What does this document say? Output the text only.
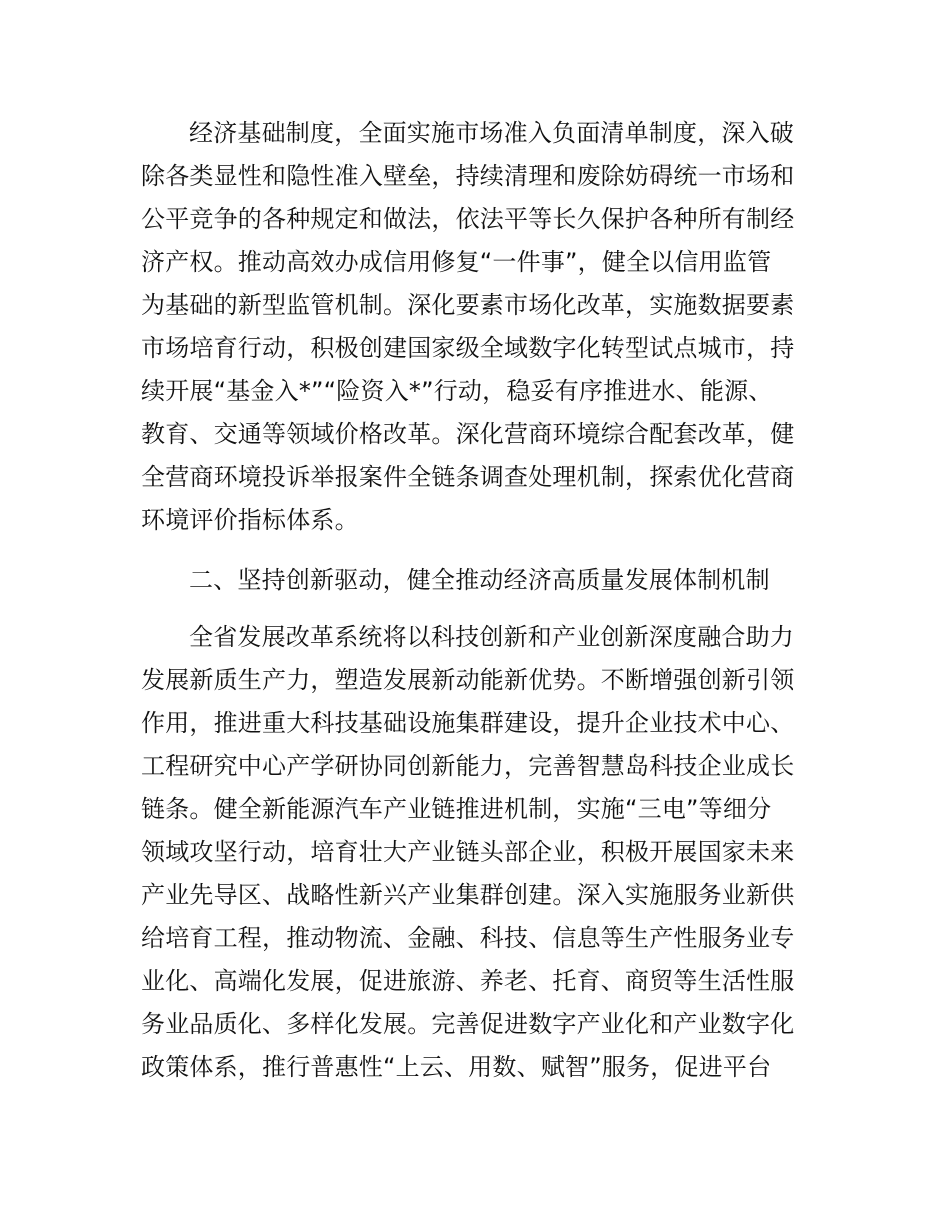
经济基础制度，全面实施市场准入负面清单制度，深入破
除各类显性和隐性准入壁垒，持续清理和废除妨碍统一市场和
公平竞争的各种规定和做法，依法平等长久保护各种所有制经
济产权。推动高效办成信用修复“一件事”，健全以信用监管
为基础的新型监管机制。深化要素市场化改革，实施数据要素
市场培育行动，积极创建国家级全域数字化转型试点城市，持
续开展“基金入*”“险资入*”行动，稳妥有序推进水、能源、
教育、交通等领域价格改革。深化营商环境综合配套改革，健
全营商环境投诉举报案件全链条调查处理机制，探索优化营商
环境评价指标体系。
二、坚持创新驱动，健全推动经济高质量发展体制机制
全省发展改革系统将以科技创新和产业创新深度融合助力
发展新质生产力，塑造发展新动能新优势。不断增强创新引领
作用，推进重大科技基础设施集群建设，提升企业技术中心、
工程研究中心产学研协同创新能力，完善智慧岛科技企业成长
链条。健全新能源汽车产业链推进机制，实施“三电”等细分
领域攻坚行动，培育壮大产业链头部企业，积极开展国家未来
产业先导区、战略性新兴产业集群创建。深入实施服务业新供
给培育工程，推动物流、金融、科技、信息等生产性服务业专
业化、高端化发展，促进旅游、养老、托育、商贸等生活性服
务业品质化、多样化发展。完善促进数字产业化和产业数字化
政策体系，推行普惠性“上云、用数、赋智”服务，促进平台
